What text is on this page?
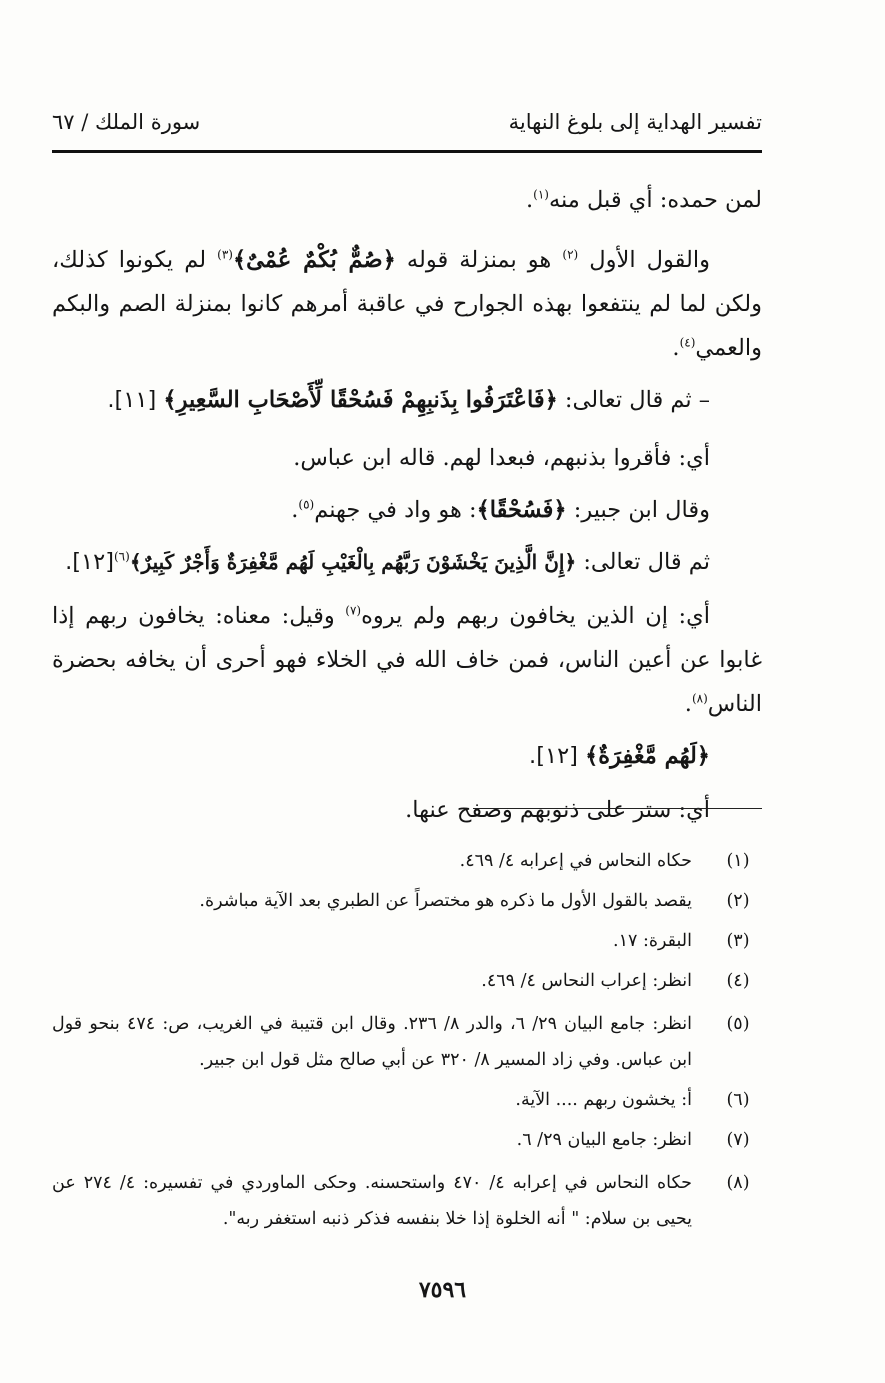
تفسير الهداية إلى بلوغ النهاية
سورة الملك / ٦٧

لمن حمده: أي قبل منه$^{(١)}$.

والقول الأول $^{(٢)}$ هو بمنزلة قوله ﴿صُمٌّ بُكْمٌ عُمْىٌ﴾$^{(٣)}$ لم يكونوا كذلك، ولكن لما لم ينتفعوا بهذه الجوارح في عاقبة أمرهم كانوا بمنزلة الصم والبكم والعمي$^{(٤)}$.

– ثم قال تعالى: ﴿فَاعْتَرَفُوا بِذَنبِهِمْ فَسُحْقًا لِّأَصْحَابِ السَّعِيرِ﴾ [١١].

أي: فأقروا بذنبهم، فبعدا لهم. قاله ابن عباس.

وقال ابن جبير: ﴿فَسُحْقًا﴾: هو واد في جهنم$^{(٥)}$.

ثم قال تعالى: ﴿إِنَّ الَّذِينَ يَخْشَوْنَ رَبَّهُم بِالْغَيْبِ لَهُم مَّغْفِرَةٌ وَأَجْرٌ كَبِيرٌ﴾$^{(٦)}$[١٢].

أي: إن الذين يخافون ربهم ولم يروه$^{(٧)}$ وقيل: معناه: يخافون ربهم إذا غابوا عن أعين الناس، فمن خاف الله في الخلاء فهو أحرى أن يخافه بحضرة الناس$^{(٨)}$.

﴿لَهُم مَّغْفِرَةٌ﴾ [١٢].

أي: ستر على ذنوبهم وصفح عنها.

(١)
حكاه النحاس في إعرابه ٤/ ٤٦٩.
(٢)
يقصد بالقول الأول ما ذكره هو مختصراً عن الطبري بعد الآية مباشرة.
(٣)
البقرة: ١٧.
(٤)
انظر: إعراب النحاس ٤/ ٤٦٩.
(٥)
انظر: جامع البيان ٢٩/ ٦، والدر ٨/ ٢٣٦. وقال ابن قتيبة في الغريب، ص: ٤٧٤ بنحو قول ابن عباس. وفي زاد المسير ٨/ ٣٢٠ عن أبي صالح مثل قول ابن جبير.
(٦)
أ: يخشون ربهم .... الآية.
(٧)
انظر: جامع البيان ٢٩/ ٦.
(٨)
حكاه النحاس في إعرابه ٤/ ٤٧٠ واستحسنه. وحكى الماوردي في تفسيره: ٤/ ٢٧٤ عن يحيى بن سلام: " أنه الخلوة إذا خلا بنفسه فذكر ذنبه استغفر ربه".
٧٥٩٦
